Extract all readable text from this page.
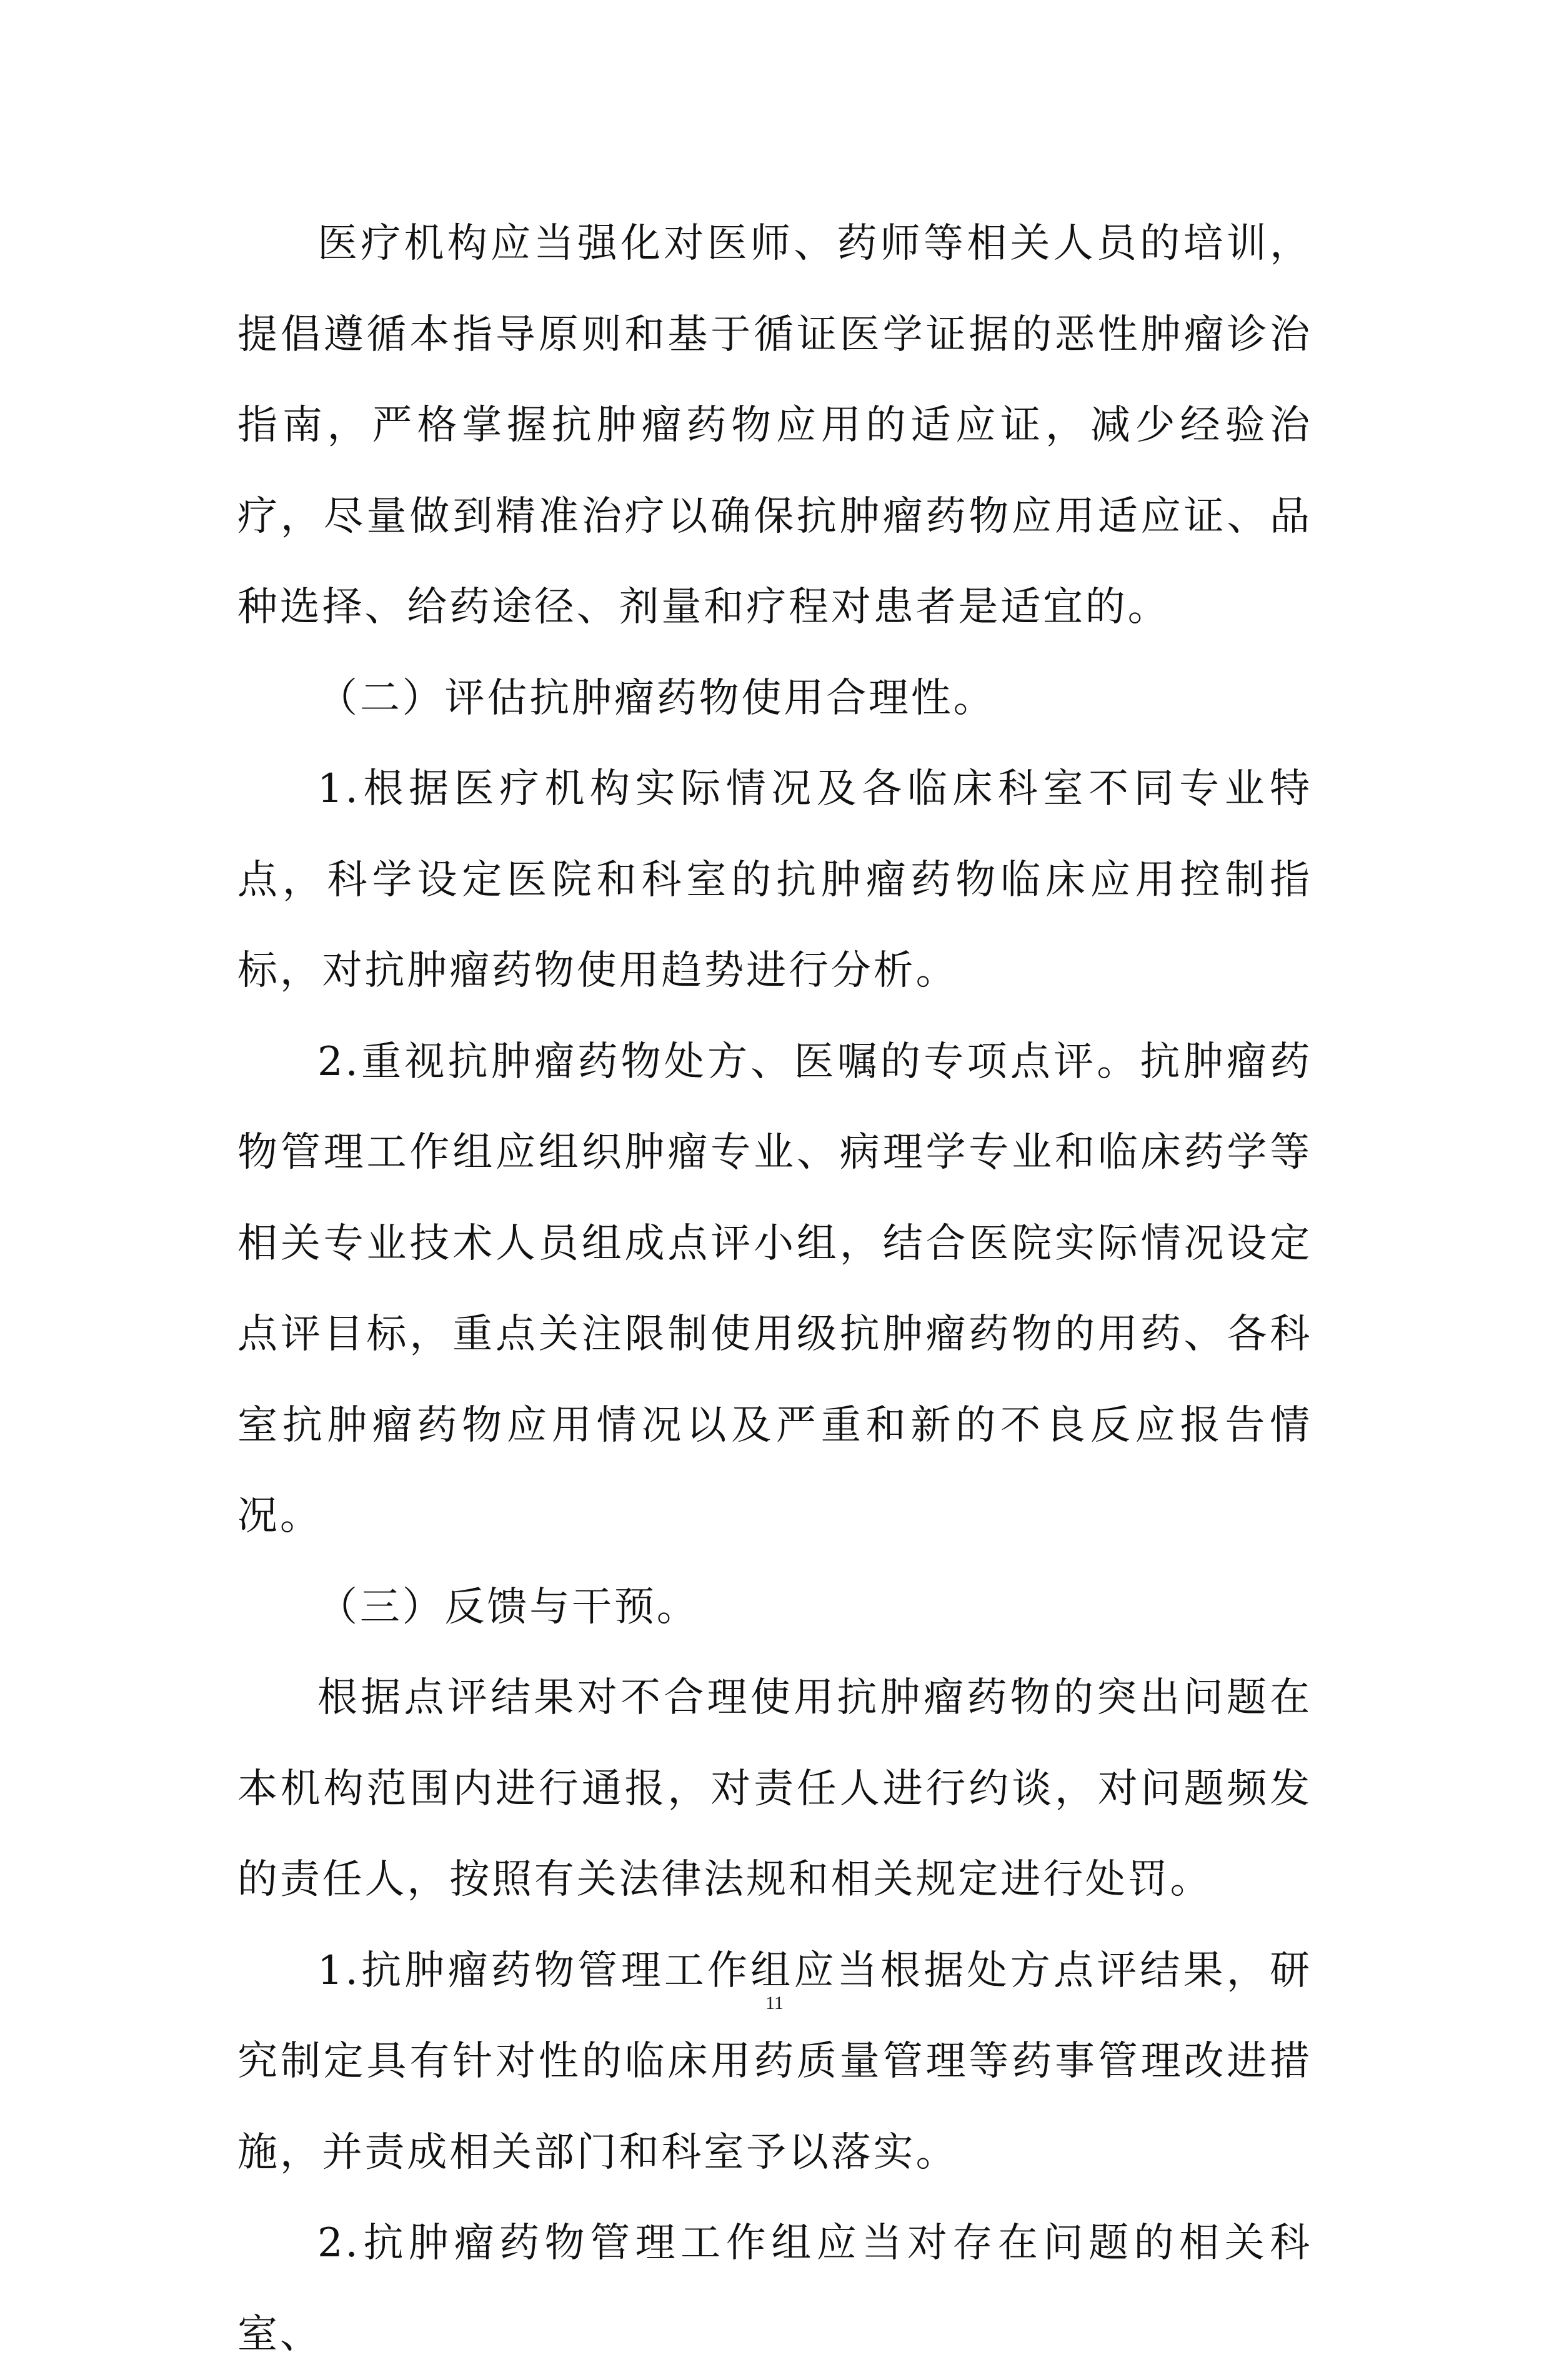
医疗机构应当强化对医师、药师等相关人员的培训，提倡遵循本指导原则和基于循证医学证据的恶性肿瘤诊治指南，严格掌握抗肿瘤药物应用的适应证，减少经验治疗，尽量做到精准治疗以确保抗肿瘤药物应用适应证、品种选择、给药途径、剂量和疗程对患者是适宜的。

（二）评估抗肿瘤药物使用合理性。

1.根据医疗机构实际情况及各临床科室不同专业特点，科学设定医院和科室的抗肿瘤药物临床应用控制指标，对抗肿瘤药物使用趋势进行分析。

2.重视抗肿瘤药物处方、医嘱的专项点评。抗肿瘤药物管理工作组应组织肿瘤专业、病理学专业和临床药学等相关专业技术人员组成点评小组，结合医院实际情况设定点评目标，重点关注限制使用级抗肿瘤药物的用药、各科室抗肿瘤药物应用情况以及严重和新的不良反应报告情况。

（三）反馈与干预。

根据点评结果对不合理使用抗肿瘤药物的突出问题在本机构范围内进行通报，对责任人进行约谈，对问题频发的责任人，按照有关法律法规和相关规定进行处罚。

1.抗肿瘤药物管理工作组应当根据处方点评结果，研究制定具有针对性的临床用药质量管理等药事管理改进措施，并责成相关部门和科室予以落实。

2.抗肿瘤药物管理工作组应当对存在问题的相关科室、

11
